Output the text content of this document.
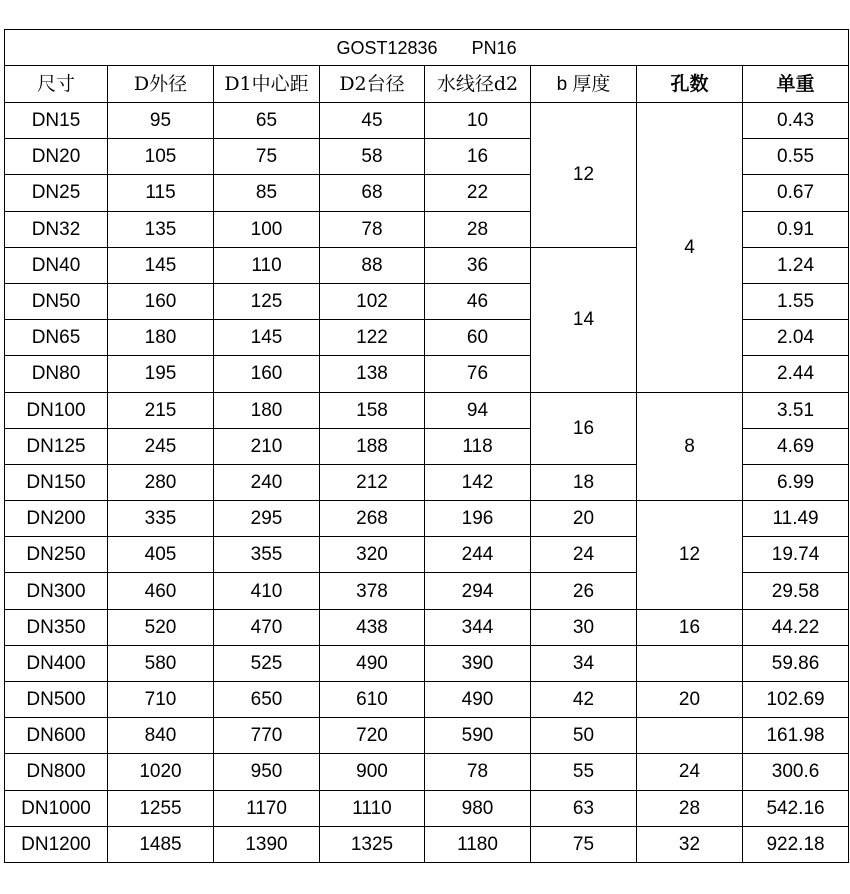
GOST12836 PN16							
尺寸	D外径	D1中心距	D2台径	水线径d2	b 厚度	孔数	单重
DN15	95	65	45	10	12	4	0.43
DN20	105	75	58	16			0.55
DN25	115	85	68	22			0.67
DN32	135	100	78	28			0.91
DN40	145	110	88	36	14		1.24
DN50	160	125	102	46			1.55
DN65	180	145	122	60			2.04
DN80	195	160	138	76			2.44
DN100	215	180	158	94	16	8	3.51
DN125	245	210	188	118			4.69
DN150	280	240	212	142	18		6.99
DN200	335	295	268	196	20	12	11.49
DN250	405	355	320	244	24		19.74
DN300	460	410	378	294	26		29.58
DN350	520	470	438	344	30	16	44.22
DN400	580	525	490	390	34		59.86
DN500	710	650	610	490	42	20	102.69
DN600	840	770	720	590	50		161.98
DN800	1020	950	900	78	55	24	300.6
DN1000	1255	1170	1110	980	63	28	542.16
DN1200	1485	1390	1325	1180	75	32	922.18
